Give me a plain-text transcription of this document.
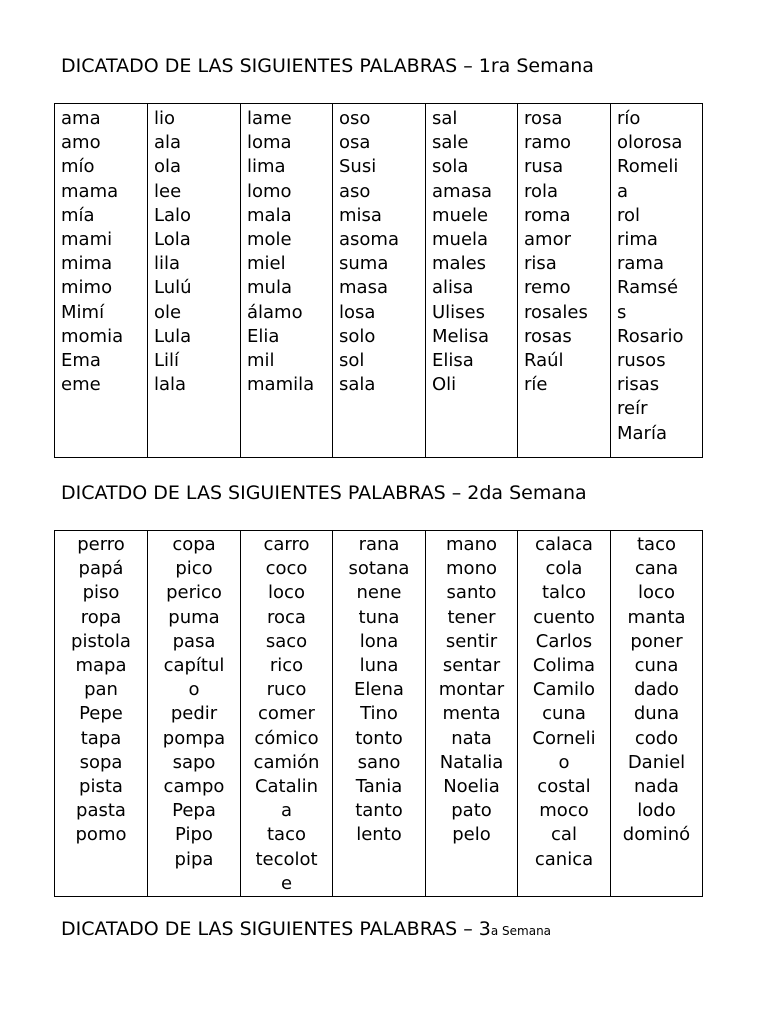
DICATADO DE LAS SIGUIENTES PALABRAS – 1ra Semana
ama
amo
mío
mama
mía
mami
mima
mimo
Mimí
momia
Ema
eme

lio
ala
ola
lee
Lalo
Lola
lila
Lulú
ole
Lula
Lilí
lala

lame
loma
lima
lomo
mala
mole
miel
mula
álamo
Elia
mil
mamila

oso
osa
Susi
aso
misa
asoma
suma
masa
losa
solo
sol
sala

sal
sale
sola
amasa
muele
muela
males
alisa
Ulises
Melisa
Elisa
Oli

rosa
ramo
rusa
rola
roma
amor
risa
remo
rosales
rosas
Raúl
ríe

río
olorosa
Romeli
a
rol
rima
rama
Ramsé
s
Rosario
rusos
risas
reír
María
DICATDO DE LAS SIGUIENTES PALABRAS – 2da Semana
perro
papá
piso
ropa
pistola
mapa
pan
Pepe
tapa
sopa
pista
pasta
pomo

copa
pico
perico
puma
pasa
capítul
o
pedir
pompa
sapo
campo
Pepa
Pipo
pipa

carro
coco
loco
roca
saco
rico
ruco
comer
cómico
camión
Catalin
a
taco
tecolot
e

rana
sotana
nene
tuna
lona
luna
Elena
Tino
tonto
sano
Tania
tanto
lento

mano
mono
santo
tener
sentir
sentar
montar
menta
nata
Natalia
Noelia
pato
pelo

calaca
cola
talco
cuento
Carlos
Colima
Camilo
cuna
Corneli
o
costal
moco
cal
canica

taco
cana
loco
manta
poner
cuna
dado
duna
codo
Daniel
nada
lodo
dominó
DICATADO DE LAS SIGUIENTES PALABRAS – 3a Semana
